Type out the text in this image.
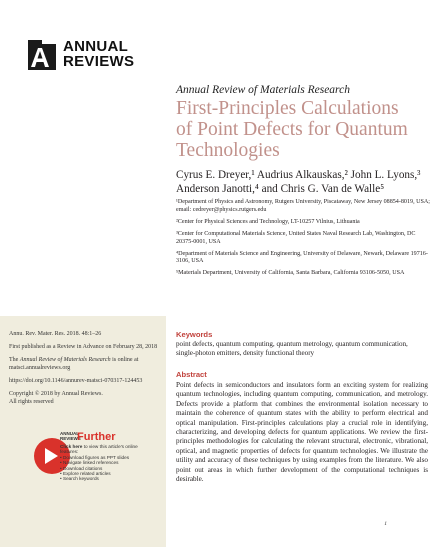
ANNUAL
REVIEWS
Annual Review of Materials Research
First-Principles Calculations
of Point Defects for Quantum
Technologies
Cyrus E. Dreyer,¹ Audrius Alkauskas,² John L. Lyons,³ Anderson Janotti,⁴ and Chris G. Van de Walle⁵

¹Department of Physics and Astronomy, Rutgers University, Piscataway, New Jersey 08854-8019, USA; email: cedreyer@physics.rutgers.edu

²Center for Physical Sciences and Technology, LT-10257 Vilnius, Lithuania

³Center for Computational Materials Science, United States Naval Research Lab, Washington, DC 20375-0001, USA

⁴Department of Materials Science and Engineering, University of Delaware, Newark, Delaware 19716-3106, USA

⁵Materials Department, University of California, Santa Barbara, California 93106-5050, USA

Annu. Rev. Mater. Res. 2018. 48:1–26

First published as a Review in Advance on February 28, 2018

The Annual Review of Materials Research is online at matsci.annualreviews.org

https://doi.org/10.1146/annurev-matsci-070317-124453

Copyright © 2018 by Annual Reviews.
All rights reserved

ANNUAL
REVIEWS
Further
Click here to view this article's online features:
• Download figures as PPT slides
• Navigate linked references
• Download citations
• Explore related articles
• Search keywords
Keywords
point defects, quantum computing, quantum metrology, quantum communication, single-photon emitters, density functional theory
Abstract
Point defects in semiconductors and insulators form an exciting system for realizing quantum technologies, including quantum computing, communication, and metrology. Defects provide a platform that combines the environmental isolation necessary to maintain the coherence of quantum states with the ability to perform electrical and optical manipulation. First-principles calculations play a crucial role in identifying, characterizing, and developing defects for quantum applications. We review the first-principles methodologies for calculating the relevant structural, electronic, vibrational, optical, and magnetic properties of defects for quantum technologies. We illustrate the utility and accuracy of these techniques by using examples from the literature. We also point out areas in which further development of the computational techniques is desirable.
1
